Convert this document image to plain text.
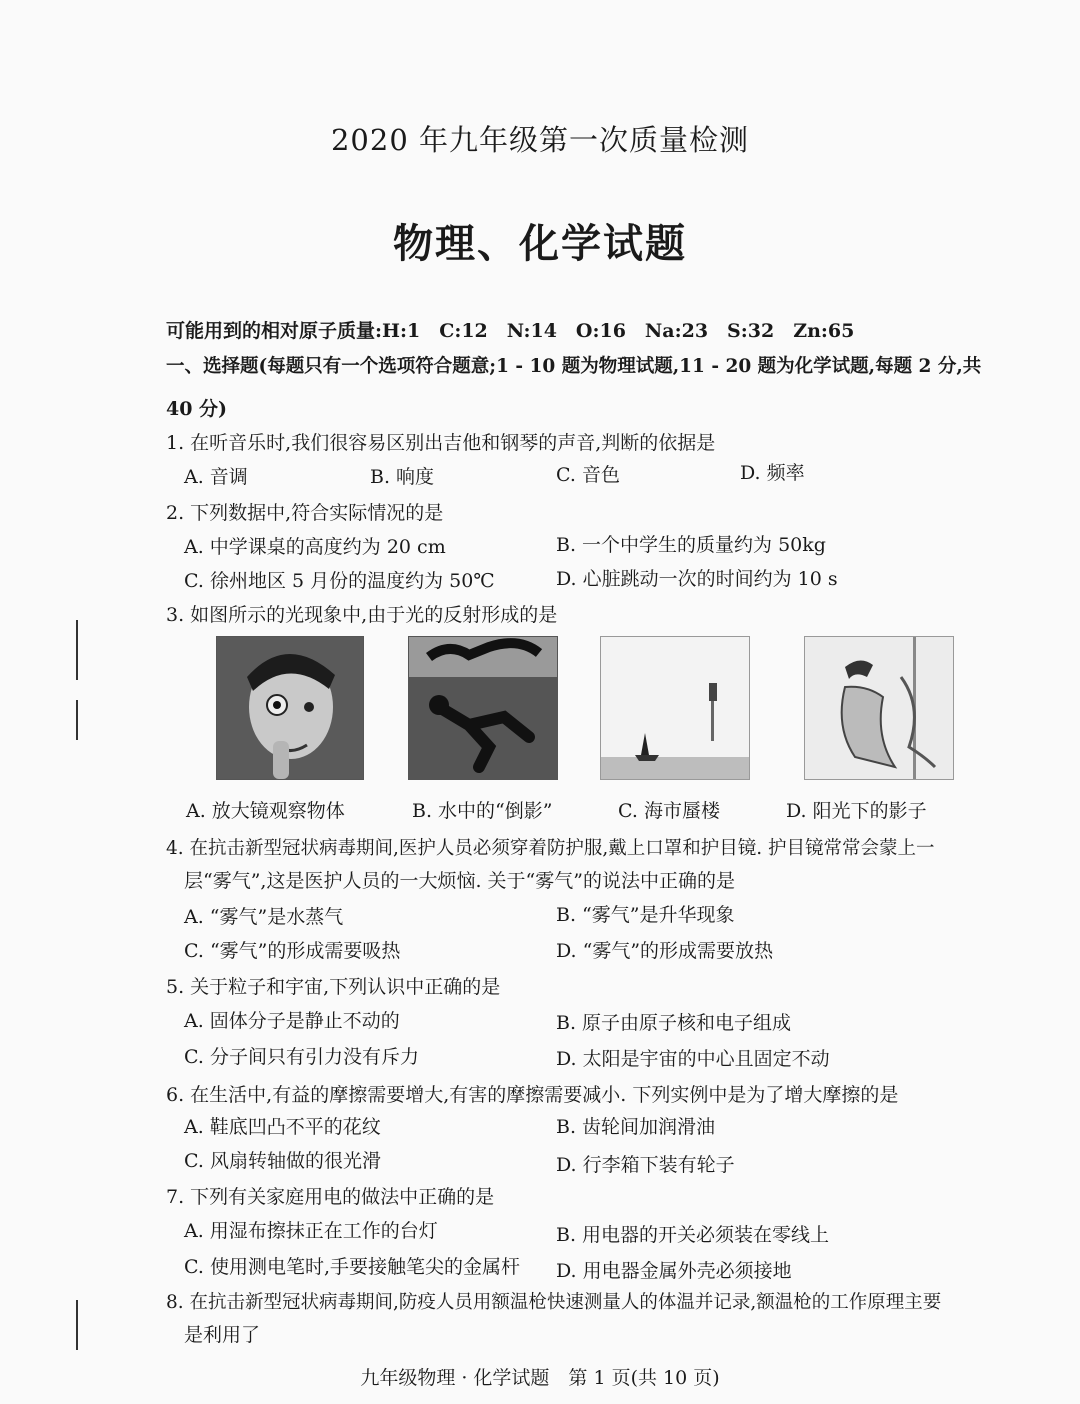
2020 年九年级第一次质量检测
物理、化学试题
可能用到的相对原子质量:H:1　C:12　N:14　O:16　Na:23　S:32　Zn:65
一、选择题(每题只有一个选项符合题意;1 - 10 题为物理试题,11 - 20 题为化学试题,每题 2 分,共
40 分)
1. 在听音乐时,我们很容易区别出吉他和钢琴的声音,判断的依据是
A. 音调	B. 响度	C. 音色	D. 频率
2. 下列数据中,符合实际情况的是
A. 中学课桌的高度约为 20 cm	B. 一个中学生的质量约为 50kg
C. 徐州地区 5 月份的温度约为 50℃	D. 心脏跳动一次的时间约为 10 s
3. 如图所示的光现象中,由于光的反射形成的是
A. 放大镜观察物体	B. 水中的“倒影”	C. 海市蜃楼	D. 阳光下的影子
4. 在抗击新型冠状病毒期间,医护人员必须穿着防护服,戴上口罩和护目镜. 护目镜常常会蒙上一
层“雾气”,这是医护人员的一大烦恼. 关于“雾气”的说法中正确的是
A. “雾气”是水蒸气	B. “雾气”是升华现象
C. “雾气”的形成需要吸热	D. “雾气”的形成需要放热
5. 关于粒子和宇宙,下列认识中正确的是
A. 固体分子是静止不动的	B. 原子由原子核和电子组成
C. 分子间只有引力没有斥力	D. 太阳是宇宙的中心且固定不动
6. 在生活中,有益的摩擦需要增大,有害的摩擦需要减小. 下列实例中是为了增大摩擦的是
A. 鞋底凹凸不平的花纹	B. 齿轮间加润滑油
C. 风扇转轴做的很光滑	D. 行李箱下装有轮子
7. 下列有关家庭用电的做法中正确的是
A. 用湿布擦抹正在工作的台灯	B. 用电器的开关必须装在零线上
C. 使用测电笔时,手要接触笔尖的金属杆 D. 用电器金属外壳必须接地
8. 在抗击新型冠状病毒期间,防疫人员用额温枪快速测量人的体温并记录,额温枪的工作原理主要
是利用了
九年级物理 · 化学试题　第 1 页(共 10 页)
